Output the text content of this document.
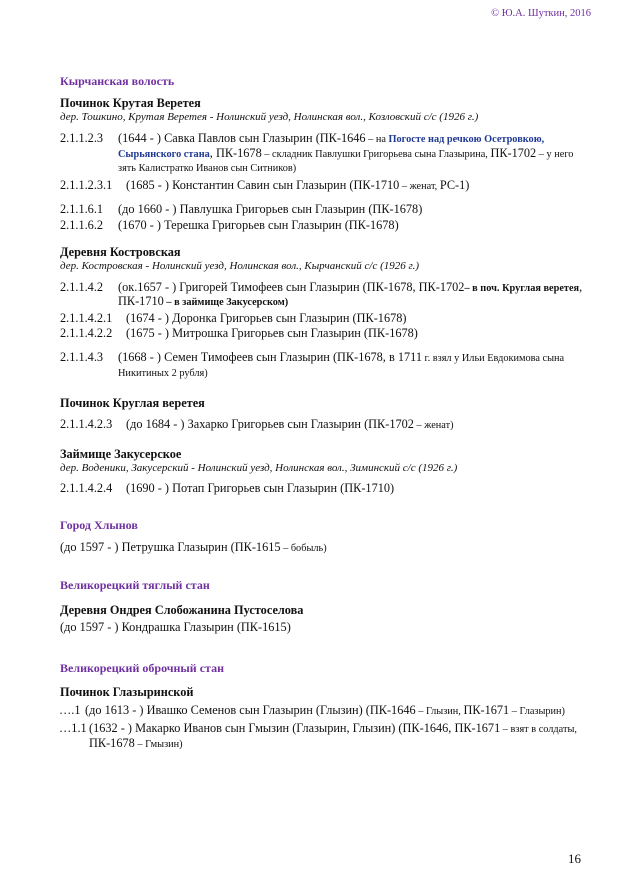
© Ю.А. Шуткин, 2016

Кырчанская волость

Починок Крутая Веретея

дер. Тошкино, Крутая Веретея - Нолинский уезд, Нолинская вол., Козловский с/с (1926 г.)

2.1.1.2.3	(1644 - ) Савка Павлов сын Глазырин (ПК-1646 – на Погосте над речкою Осетровкою, Сырьянского стана, ПК-1678 – складник Павлушки Григорьева сына Глазырина, ПК-1702 – у него зять Калистратко Иванов сын Ситников)
2.1.1.2.3.1	(1685 - ) Константин Савин сын Глазырин (ПК-1710 – женат, РС-1)
2.1.1.6.1	(до 1660 - ) Павлушка Григорьев сын Глазырин (ПК-1678)
2.1.1.6.2	(1670 - ) Терешка Григорьев сын Глазырин (ПК-1678)

Деревня Костровская

дер. Костровская - Нолинский уезд, Нолинская вол., Кырчанский с/с (1926 г.)

2.1.1.4.2	(ок.1657 - ) Григорей Тимофеев сын Глазырин (ПК-1678, ПК-1702– в поч. Круглая веретея, ПК-1710 – в займище Закусерском)
2.1.1.4.2.1	(1674 - ) Доронка Григорьев сын Глазырин (ПК-1678)
2.1.1.4.2.2	(1675 - ) Митрошка Григорьев сын Глазырин (ПК-1678)
2.1.1.4.3	(1668 - ) Семен Тимофеев сын Глазырин (ПК-1678, в 1711 г. взял у Ильи Евдокимова сына Никитиных 2 рубля)

Починок Круглая веретея

2.1.1.4.2.3	(до 1684 - ) Захарко Григорьев сын Глазырин (ПК-1702 – женат)

Займище Закусерское

дер. Воденики, Закусерский - Нолинский уезд, Нолинская вол., Зиминский с/с (1926 г.)

2.1.1.4.2.4	(1690 - ) Потап Григорьев сын Глазырин (ПК-1710)

Город Хлынов

(до 1597 - ) Петрушка Глазырин (ПК-1615 – бобыль)

Великорецкий тяглый стан

Деревня Ондрея Слобожанина Пустоселова

(до 1597 - ) Кондрашка Глазырин (ПК-1615)

Великорецкий оброчный стан

Починок Глазыринской

….1 (до 1613 - ) Ивашко Семенов сын Глазырин (Глызин) (ПК-1646 – Глызин, ПК-1671 – Глазырин)
…1.1 (1632 - ) Макарко Иванов сын Гмызин (Глазырин, Глызин) (ПК-1646, ПК-1671 – взят в солдаты, ПК-1678 – Гмызин)
16
